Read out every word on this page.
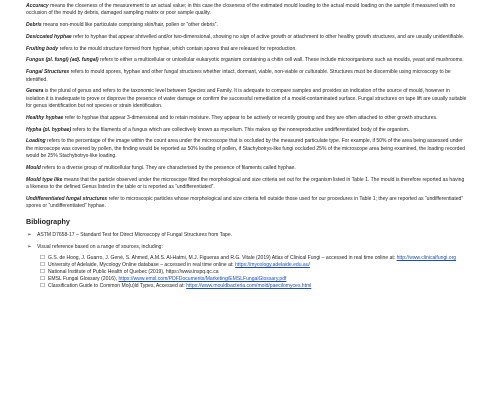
Accuracy means the closeness of the measurement to an actual value; in this case the closeness of the estimated mould loading to the actual mould loading on the sample if measured with no occlusion of the mould by debris, damaged sampling matrix or poor sample quality.

Debris means non-mould like particulate comprising skin/hair, pollen or “other debris”.

Desiccated hyphae refer to hyphae that appear shrivelled and/or two-dimensional, showing no sign of active growth or attachment to other healthy growth structures, and are usually unidentifiable.

Fruiting body refers to the mould structure formed from hyphae, which contain spores that are released for reproduction.

Fungus (pl. fungi) (adj. fungal) refers to either a multicellular or unicellular eukaryotic organism containing a chitin cell wall. These include microorganisms such as moulds, yeast and mushrooms.

Fungal Structures refers to mould spores, hyphae and other fungal structures whether intact, dormant, viable, non-viable or culturable. Structures must be discernible using microscopy to be identified.

Genera is the plural of genus and refers to the taxonomic level between Species and Family. It is adequate to compare samples and provides an indication of the source of mould, however in isolation it is inadequate to prove or disprove the presence of water damage or confirm the successful remediation of a mould-contaminated surface. Fungal structures on tape lift are usually suitable for genus identification but not species or strain identification.

Healthy hyphae refer to hyphae that appear 3-dimensional and to retain moisture. They appear to be actively or recently growing and they are often attached to other growth structures.

Hypha (pl. hyphae) refers to the filaments of a fungus which are collectively known as mycelium. This makes up the nonreproductive undifferentiated body of the organism.

Loading refers to the percentage of the image within the count area under the microscope that is occluded by the measured particulate type. For example, if 50% of the area being assessed under the microscope was covered by pollen, the finding would be reported as 50% loading of pollen, if Stachybotrys-like fungi occluded 25% of the microscope area being examined, the loading recorded would be 25% Stachybotrys-like loading.

Mould refers to a diverse group of multicellular fungi. They are characterised by the presence of filaments called hyphae.

Mould type like means that the particle observed under the microscope fitted the morphological and size criteria set out for the organism listed in Table 1. The mould is therefore reported as having a likeness to the defined Genus listed in the table or is reported as “undifferentiated”.

Undifferentiated fungal structures refer to microscopic particles whose morphological and size criteria fell outside those used for our procedures in Table 1; they are reported as “undifferentiated” spores or “undifferentiated” hyphae.

Bibliography
➢	ASTM D7658-17 – Standard Test for Direct Microscopy of Fungal Structures from Tape.
➢	Visual reference based on a range of sources, including:
☐ G.S. de Hoog, J. Guarro, J. Gené, S. Ahmed, A.M.S. Al-Hatmi, M.J. Figueras and R.G. Vitale (2019) Atlas of Clinical Fungi – accessed in real time online at: http://www.clinicalfungi.org
☐ University of Adelaide, Mycology Online database – accessed in real time online at: https://mycology.adelaide.edu.au/
☐ National Institute of Public Health of Quebec (2019), https://www.inspq.qc.ca
☐ EMSL Fungal Glossary (2016), https://www.emsl.com/PDFDocuments/Marketing/EMSLFungalGlossary.pdf
☐ Classification Guide to Common Mo(u)ld Types, Accessed at: https://www.mouldbacteria.com/mold/paecilomyces.html
